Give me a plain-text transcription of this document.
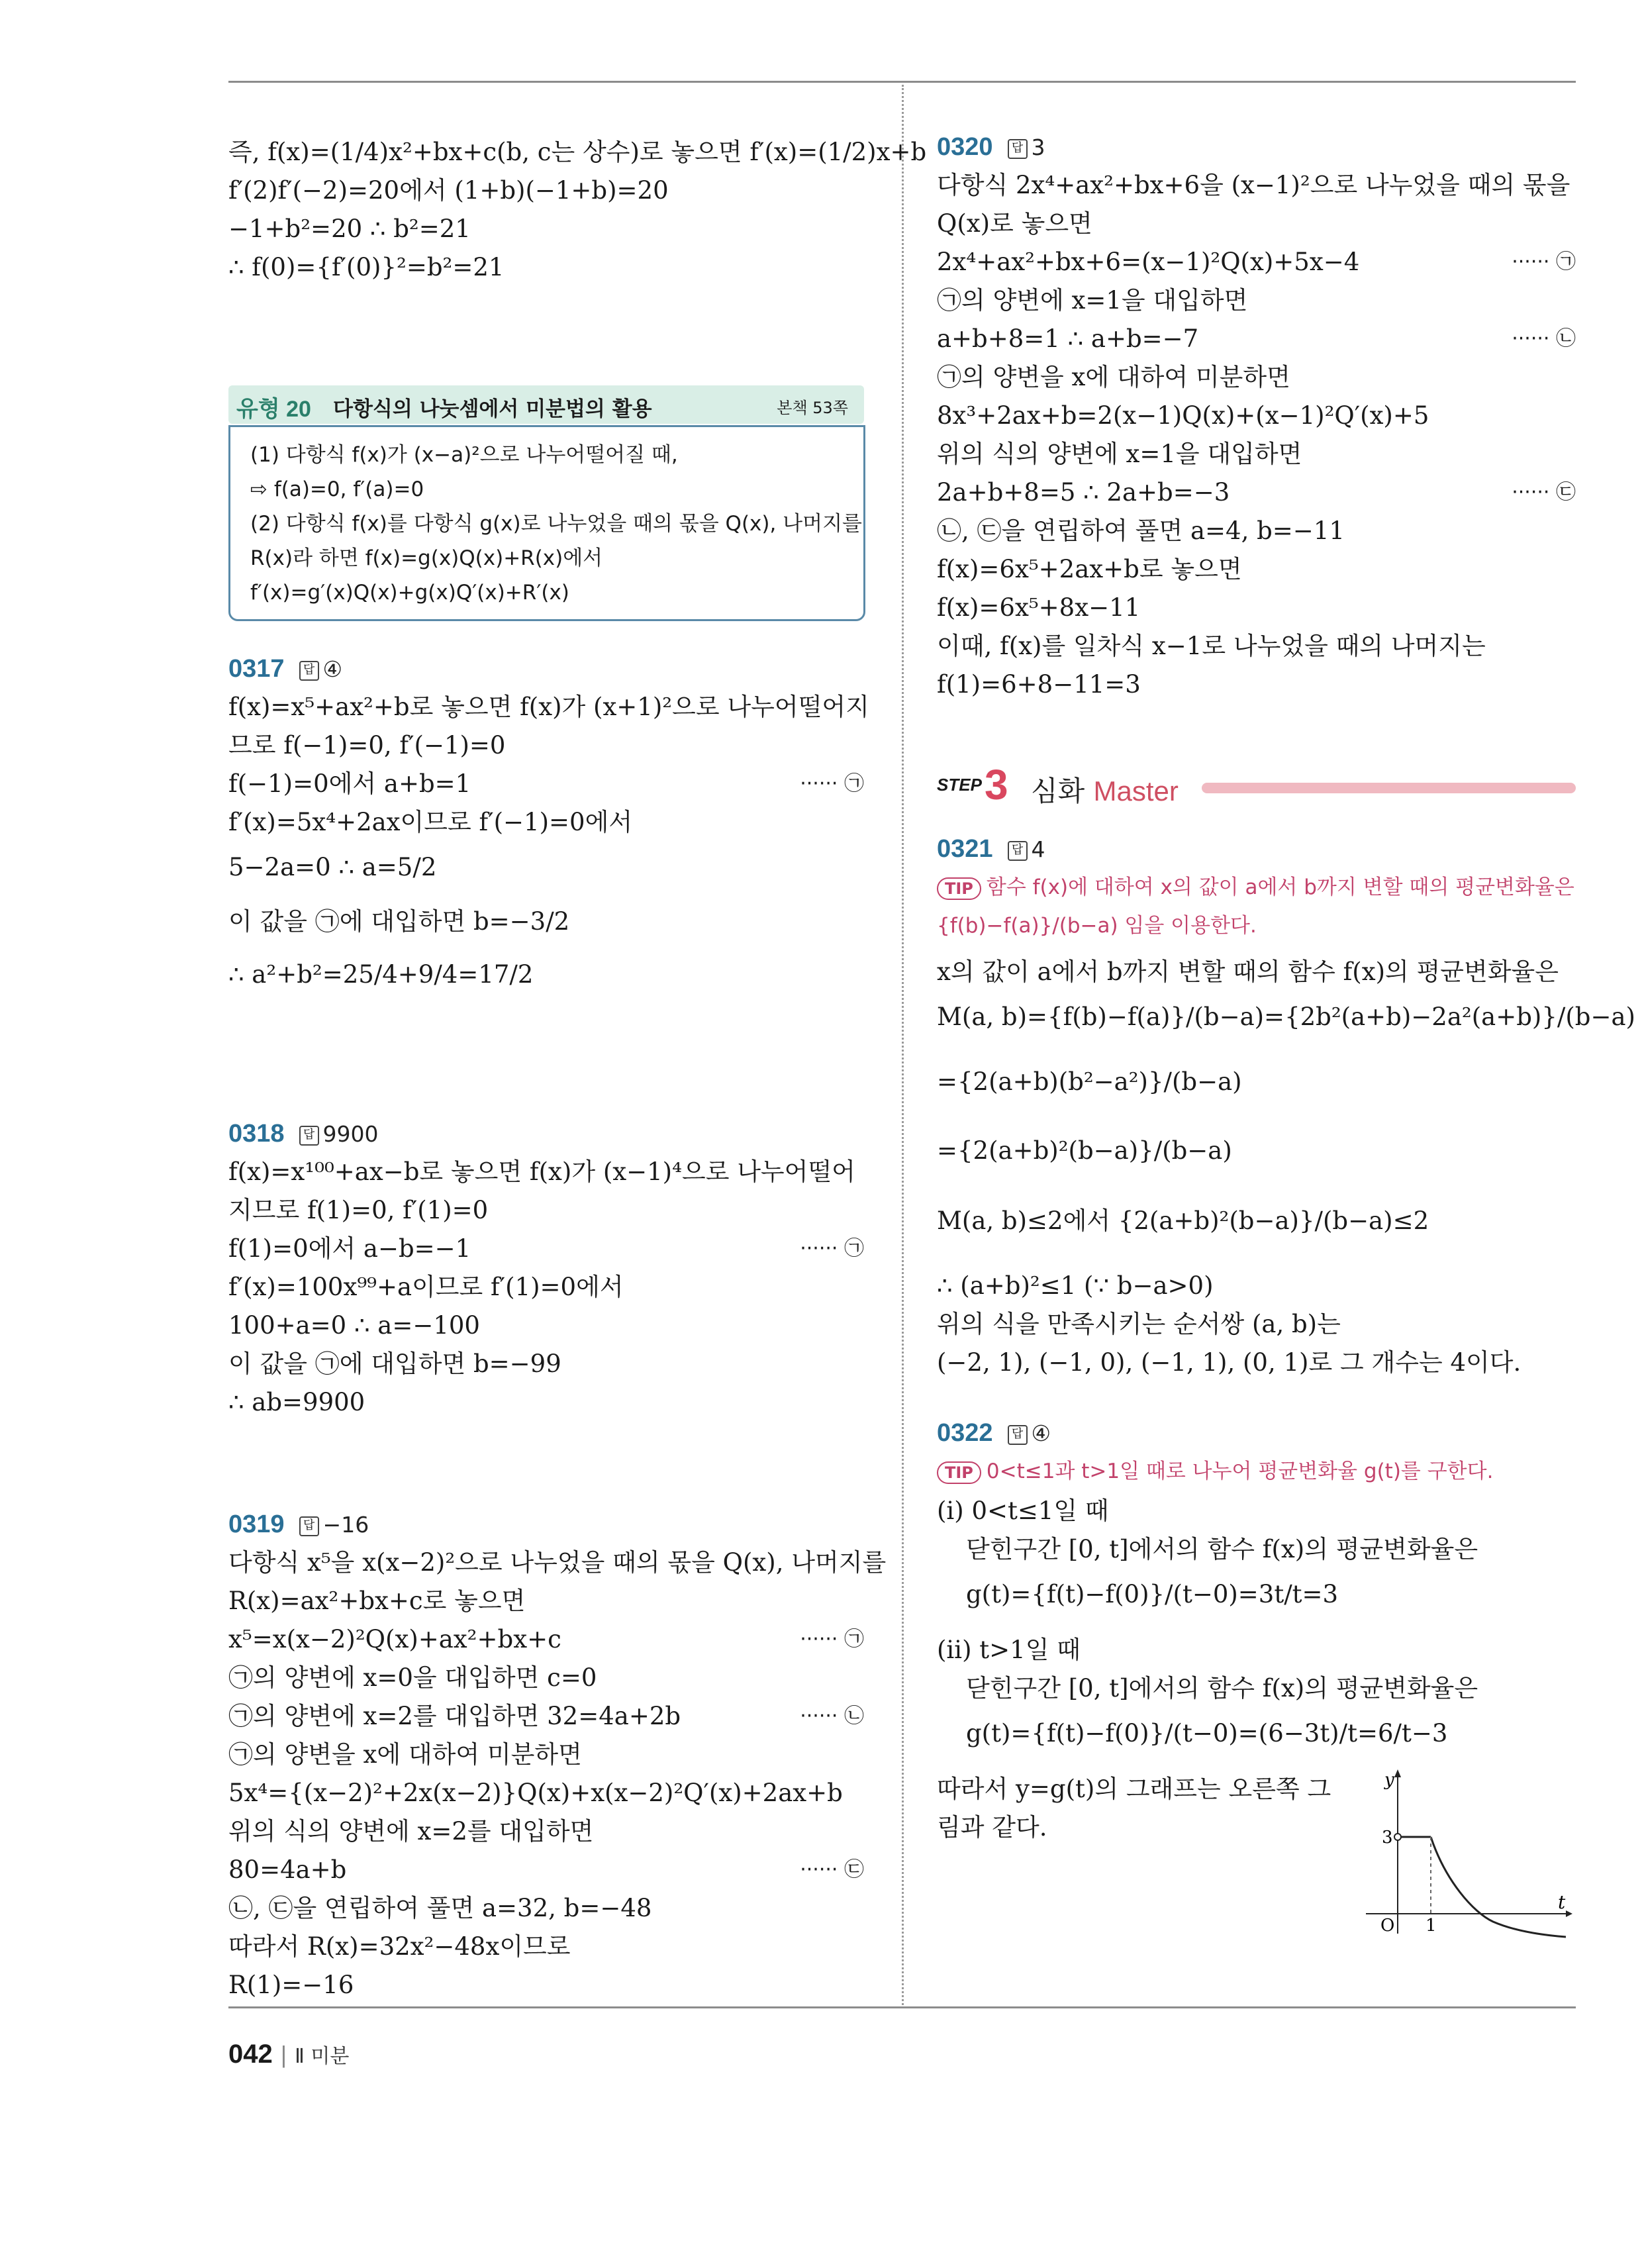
즉, f(x)=(1/4)x²+bx+c(b, c는 상수)로 놓으면 f′(x)=(1/2)x+b
f′(2)f′(−2)=20에서 (1+b)(−1+b)=20
−1+b²=20 ∴ b²=21
∴ f(0)={f′(0)}²=b²=21
유형 20 다항식의 나눗셈에서 미분법의 활용	본책 53쪽
(1) 다항식 f(x)가 (x−a)²으로 나누어떨어질 때,
⇨ f(a)=0, f′(a)=0
(2) 다항식 f(x)를 다항식 g(x)로 나누었을 때의 몫을 Q(x), 나머지를
R(x)라 하면 f(x)=g(x)Q(x)+R(x)에서
f′(x)=g′(x)Q(x)+g(x)Q′(x)+R′(x)
0317 답 ④
f(x)=x⁵+ax²+b로 놓으면 f(x)가 (x+1)²으로 나누어떨어지
므로 f(−1)=0, f′(−1)=0
f(−1)=0에서 a+b=1	······ ㉠
f′(x)=5x⁴+2ax이므로 f′(−1)=0에서
5−2a=0 ∴ a=5/2
이 값을 ㉠에 대입하면 b=−3/2
∴ a²+b²=25/4+9/4=17/2
0318 답 9900
f(x)=x¹⁰⁰+ax−b로 놓으면 f(x)가 (x−1)⁴으로 나누어떨어
지므로 f(1)=0, f′(1)=0
f(1)=0에서 a−b=−1	······ ㉠
f′(x)=100x⁹⁹+a이므로 f′(1)=0에서
100+a=0 ∴ a=−100
이 값을 ㉠에 대입하면 b=−99
∴ ab=9900
0319 답 −16
다항식 x⁵을 x(x−2)²으로 나누었을 때의 몫을 Q(x), 나머지를
R(x)=ax²+bx+c로 놓으면
x⁵=x(x−2)²Q(x)+ax²+bx+c	······ ㉠
㉠의 양변에 x=0을 대입하면 c=0
㉠의 양변에 x=2를 대입하면 32=4a+2b	······ ㉡
㉠의 양변을 x에 대하여 미분하면
5x⁴={(x−2)²+2x(x−2)}Q(x)+x(x−2)²Q′(x)+2ax+b
위의 식의 양변에 x=2를 대입하면
80=4a+b	······ ㉢
㉡, ㉢을 연립하여 풀면 a=32, b=−48
따라서 R(x)=32x²−48x이므로
R(1)=−16
0320 답 3
다항식 2x⁴+ax²+bx+6을 (x−1)²으로 나누었을 때의 몫을
Q(x)로 놓으면
2x⁴+ax²+bx+6=(x−1)²Q(x)+5x−4	······ ㉠
㉠의 양변에 x=1을 대입하면
a+b+8=1 ∴ a+b=−7	······ ㉡
㉠의 양변을 x에 대하여 미분하면
8x³+2ax+b=2(x−1)Q(x)+(x−1)²Q′(x)+5
위의 식의 양변에 x=1을 대입하면
2a+b+8=5 ∴ 2a+b=−3	······ ㉢
㉡, ㉢을 연립하여 풀면 a=4, b=−11
f(x)=6x⁵+2ax+b로 놓으면
f(x)=6x⁵+8x−11
이때, f(x)를 일차식 x−1로 나누었을 때의 나머지는
f(1)=6+8−11=3
STEP 3 심화 Master
0321 답 4
TIP 함수 f(x)에 대하여 x의 값이 a에서 b까지 변할 때의 평균변화율은
{f(b)−f(a)}/(b−a) 임을 이용한다.
x의 값이 a에서 b까지 변할 때의 함수 f(x)의 평균변화율은
M(a, b)={f(b)−f(a)}/(b−a)={2b²(a+b)−2a²(a+b)}/(b−a)
={2(a+b)(b²−a²)}/(b−a)
={2(a+b)²(b−a)}/(b−a)
M(a, b)≤2에서 {2(a+b)²(b−a)}/(b−a)≤2
∴ (a+b)²≤1 (∵ b−a>0)
위의 식을 만족시키는 순서쌍 (a, b)는
(−2, 1), (−1, 0), (−1, 1), (0, 1)로 그 개수는 4이다.
0322 답 ④
TIP 0<t≤1과 t>1일 때로 나누어 평균변화율 g(t)를 구한다.
(ⅰ) 0<t≤1일 때
닫힌구간 [0, t]에서의 함수 f(x)의 평균변화율은
g(t)={f(t)−f(0)}/(t−0)=3t/t=3
(ⅱ) t>1일 때
닫힌구간 [0, t]에서의 함수 f(x)의 평균변화율은
g(t)={f(t)−f(0)}/(t−0)=(6−3t)/t=6/t−3
따라서 y=g(t)의 그래프는 오른쪽 그
림과 같다.
y
t
O 1
3
042 | Ⅱ 미분
